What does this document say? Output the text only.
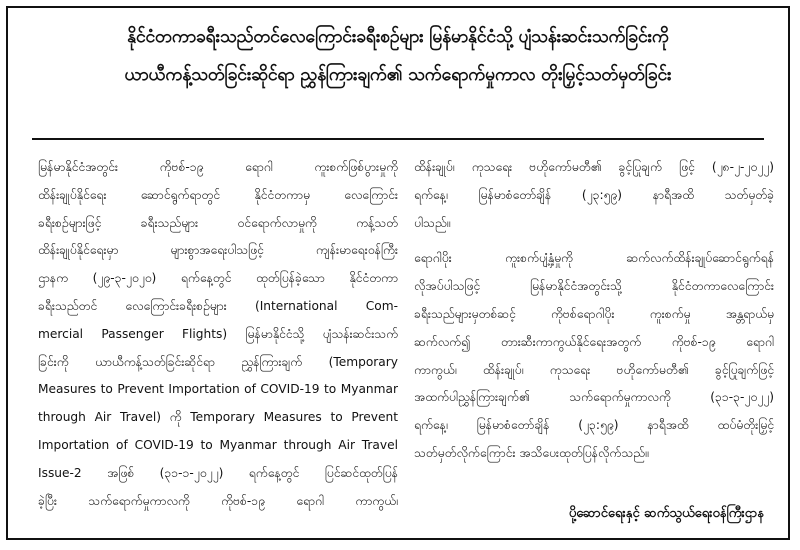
နိုင်ငံတကာခရီးသည်တင်လေကြောင်းခရီးစဉ်များ မြန်မာနိုင်ငံသို့ ပျံသန်းဆင်းသက်ခြင်းကို
ယာယီကန့်သတ်ခြင်းဆိုင်ရာ ညွှန်ကြားချက်၏ သက်ရောက်မှုကာလ တိုးမြှင့်သတ်မှတ်ခြင်း

မြန်မာနိုင်ငံအတွင်း ကိုဗစ်-၁၉ ရောဂါ ကူးစက်ဖြစ်ပွားမှုကို
ထိန်းချုပ်နိုင်ရေး ဆောင်ရွက်ရာတွင် နိုင်ငံတကာမှ လေကြောင်း
ခရီးစဉ်များဖြင့် ခရီးသည်များ ဝင်ရောက်လာမှုကို ကန့်သတ်
ထိန်းချုပ်နိုင်ရေးမှာ များစွာအရေးပါသဖြင့် ကျန်းမာရေးဝန်ကြီး
ဌာနက (၂၉-၃-၂၀၂၀) ရက်နေ့တွင် ထုတ်ပြန်ခဲ့သော နိုင်ငံတကာ
ခရီးသည်တင် လေကြောင်းခရီးစဉ်များ (International Com-
mercial Passenger Flights) မြန်မာနိုင်ငံသို့ ပျံသန်းဆင်းသက်
ခြင်းကို ယာယီကန့်သတ်ခြင်းဆိုင်ရာ ညွှန်ကြားချက် (Temporary
Measures to Prevent Importation of COVID-19 to Myanmar
through Air Travel) ကို Temporary Measures to Prevent
Importation of COVID-19 to Myanmar through Air Travel
Issue-2 အဖြစ် (၃၁-၁-၂၀၂၂) ရက်နေ့တွင် ပြင်ဆင်ထုတ်ပြန်
ခဲ့ပြီး သက်ရောက်မှုကာလကို ကိုဗစ်-၁၉ ရောဂါ ကာကွယ်၊

ထိန်းချုပ်၊ ကုသရေး ဗဟိုကော်မတီ၏ ခွင့်ပြုချက် ဖြင့် (၂၈-၂-၂၀၂၂)
ရက်နေ့၊ မြန်မာစံတော်ချိန် (၂၃:၅၉) နာရီအထိ သတ်မှတ်ခဲ့
ပါသည်။

ရောဂါပိုး ကူးစက်ပျံ့နှံ့မှုကို ဆက်လက်ထိန်းချုပ်ဆောင်ရွက်ရန်
လိုအပ်ပါသဖြင့် မြန်မာနိုင်ငံအတွင်းသို့ နိုင်ငံတကာလေကြောင်း
ခရီးသည်များမှတစ်ဆင့် ကိုဗစ်ရောဂါပိုး ကူးစက်မှု အန္တရာယ်မှ
ဆက်လက်၍ တားဆီးကာကွယ်နိုင်ရေးအတွက် ကိုဗစ်-၁၉ ရောဂါ
ကာကွယ်၊ ထိန်းချုပ်၊ ကုသရေး ဗဟိုကော်မတီ၏ ခွင့်ပြုချက်ဖြင့်
အထက်ပါညွှန်ကြားချက်၏ သက်ရောက်မှုကာလကို (၃၁-၃-၂၀၂၂)
ရက်နေ့၊ မြန်မာစံတော်ချိန် (၂၃:၅၉) နာရီအထိ ထပ်မံတိုးမြှင့်
သတ်မှတ်လိုက်ကြောင်း အသိပေးထုတ်ပြန်လိုက်သည်။

ပို့ဆောင်ရေးနှင့် ဆက်သွယ်ရေးဝန်ကြီးဌာန
